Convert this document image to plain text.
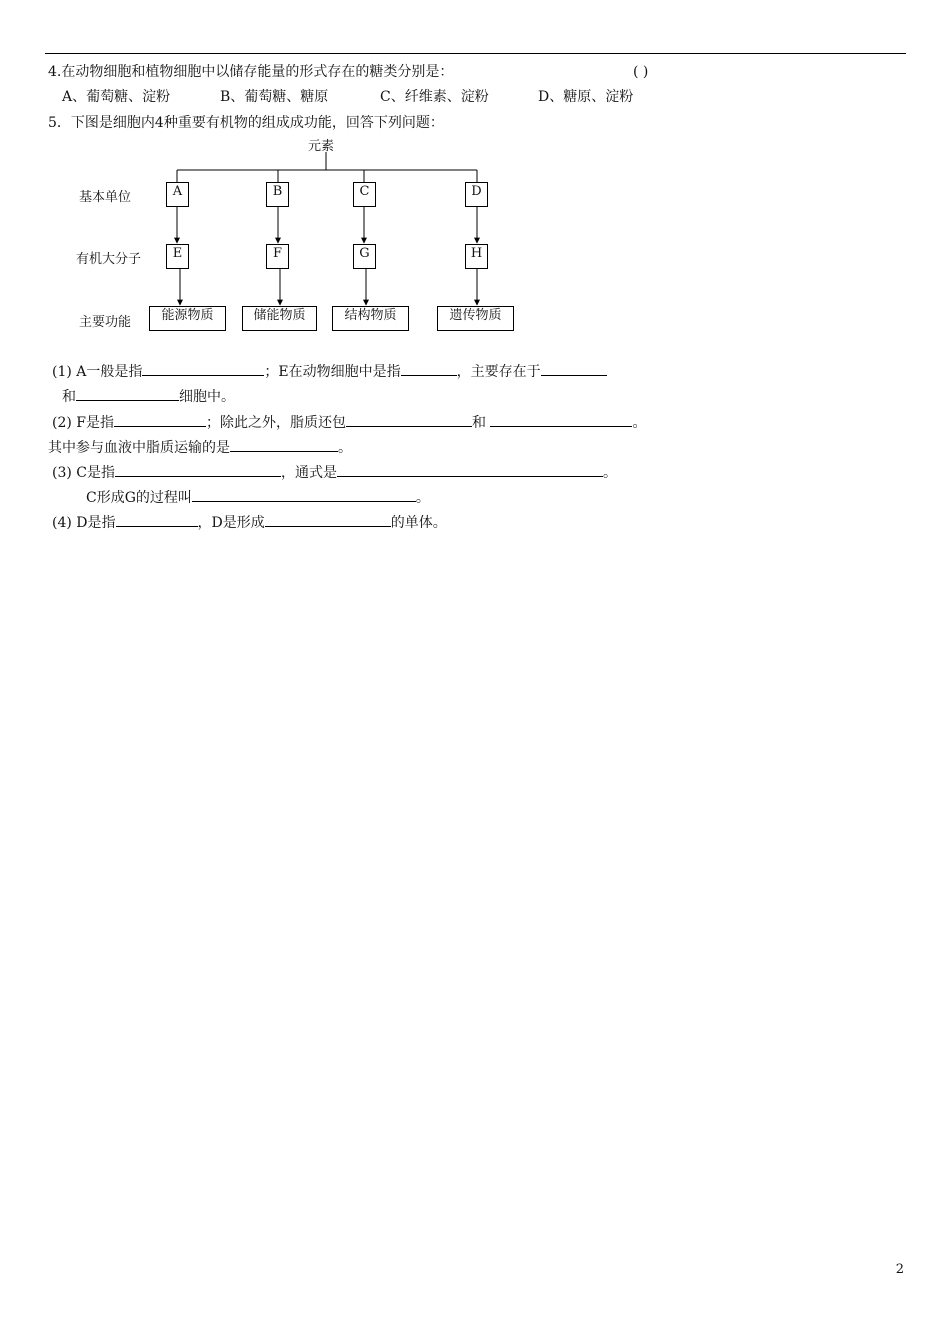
4.在动物细胞和植物细胞中以储存能量的形式存在的糖类分别是：	( )
A、葡萄糖、淀粉	B、葡萄糖、糖原	C、纤维素、淀粉	D、糖原、淀粉
5．下图是细胞内4种重要有机物的组成成功能，回答下列问题：
元素
基本单位
有机大分子
主要功能
A	B	C	D
E	F	G	H
能源物质	储能物质	结构物质	遗传物质
(1) A一般是指	；E在动物细胞中是指	，主要存在于
和	细胞中。
(2) F是指	；除此之外，脂质还包	和	。
其中参与血液中脂质运输的是	。
(3) C是指	，通式是	。
C形成G的过程叫	。
(4) D是指	，D是形成	的单体。
2
